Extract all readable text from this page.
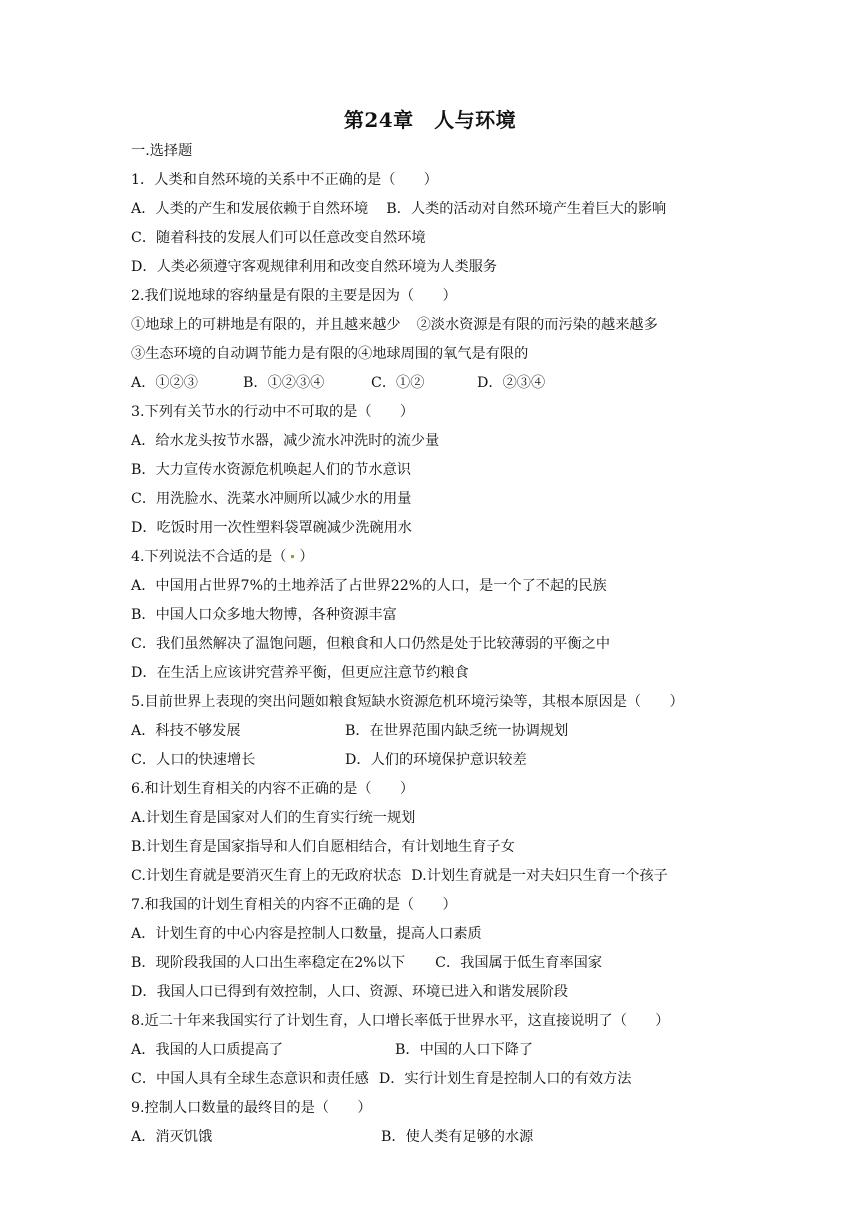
第24章　人与环境
一.选择题
1．人类和自然环境的关系中不正确的是（　　）
A．人类的产生和发展依赖于自然环境 B．人类的活动对自然环境产生着巨大的影响
C．随着科技的发展人们可以任意改变自然环境
D．人类必须遵守客观规律利用和改变自然环境为人类服务
2.我们说地球的容纳量是有限的主要是因为（　　）
①地球上的可耕地是有限的，并且越来越少 ②淡水资源是有限的而污染的越来越多
③生态环境的自动调节能力是有限的④地球周围的氧气是有限的
A．①②③	B．①②③④	C．①②	D．②③④
3.下列有关节水的行动中不可取的是（　　）
A．给水龙头按节水器，减少流水冲洗时的流少量
B．大力宣传水资源危机唤起人们的节水意识
C．用洗脸水、洗菜水冲厕所以减少水的用量
D．吃饭时用一次性塑料袋罩碗减少洗碗用水
4.下列说法不合适的是（ ）
A．中国用占世界7%的土地养活了占世界22%的人口，是一个了不起的民族
B．中国人口众多地大物博，各种资源丰富
C．我们虽然解决了温饱问题，但粮食和人口仍然是处于比较薄弱的平衡之中
D．在生活上应该讲究营养平衡，但更应注意节约粮食
5.目前世界上表现的突出问题如粮食短缺水资源危机环境污染等，其根本原因是（　　）
A．科技不够发展	B．在世界范围内缺乏统一协调规划
C．人口的快速增长	D．人们的环境保护意识较差
6.和计划生育相关的内容不正确的是（　　）
A.计划生育是国家对人们的生育实行统一规划
B.计划生育是国家指导和人们自愿相结合，有计划地生育子女
C.计划生育就是要消灭生育上的无政府状态 D.计划生育就是一对夫妇只生育一个孩子
7.和我国的计划生育相关的内容不正确的是（　　）
A．计划生育的中心内容是控制人口数量，提高人口素质
B．现阶段我国的人口出生率稳定在2%以下 C．我国属于低生育率国家
D．我国人口已得到有效控制，人口、资源、环境已进入和谐发展阶段
8.近二十年来我国实行了计划生育，人口增长率低于世界水平，这直接说明了（　　）
A．我国的人口质提高了	B．中国的人口下降了
C．中国人具有全球生态意识和责任感 D．实行计划生育是控制人口的有效方法
9.控制人口数量的最终目的是（　　）
A．消灭饥饿	B．使人类有足够的水源
